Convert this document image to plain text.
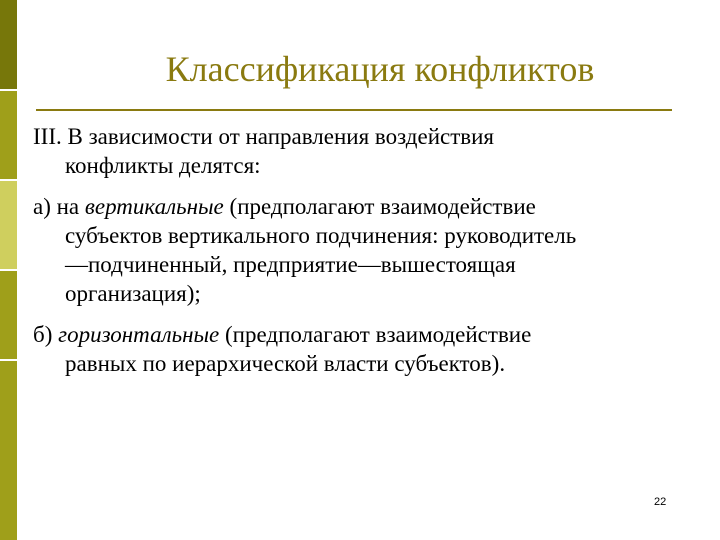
Классификация конфликтов
III. В зависимости от направления воздействия
конфликты делятся:
а) на вертикальные (предполагают взаимодействие
субъектов вертикального подчинения: руководитель
—подчиненный, предприятие—вышестоящая
организация);
б) горизонтальные (предполагают взаимодействие
равных по иерархической власти субъектов).
22
